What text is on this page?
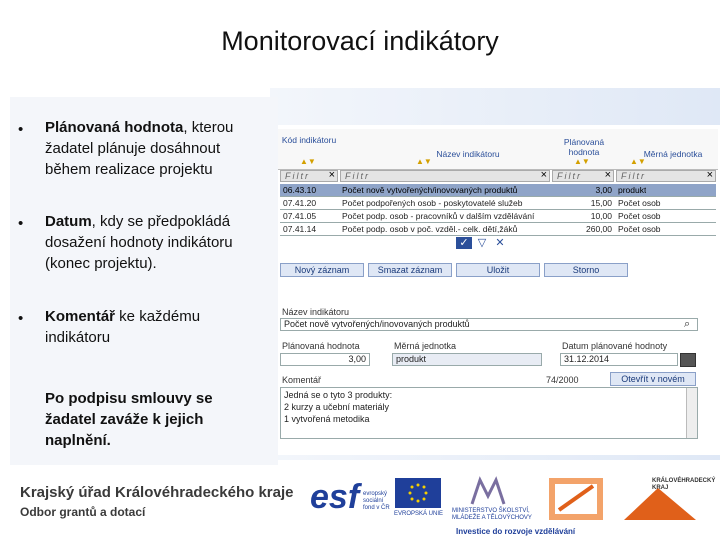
Monitorovací indikátory
• Plánovaná hodnota, kterou žadatel plánuje dosáhnout během realizace projektu
• Datum, kdy se předpokládá dosažení hodnoty indikátoru (konec projektu).
• Komentář ke každému indikátoru
Po podpisu smlouvy se žadatel zaváže k jejich naplnění.
Kód indikátoru
▲▼
Název indikátoru
▲▼
Plánovaná hodnota
▲▼
Měrná jednotka
▲▼
Filtr × Filtr	× Filtr × Filtr	×
06.43.10	Počet nově vytvořených/inovovaných produktů	3,00 produkt
07.41.20	Počet podpořených osob - poskytovatelé služeb	15,00 Počet osob
07.41.05	Počet podp. osob - pracovníků v dalším vzdělávání	10,00 Počet osob
07.41.14	Počet podp. osob v poč. vzděl.- celk. dětí,žáků	260,00 Počet osob
✓ ▽ ✕
Nový záznam	Smazat záznam	Uložit	Storno
Název indikátoru
Počet nově vytvořených/inovovaných produktů	⌕
Plánovaná hodnota
3,00
Měrná jednotka
produkt
Datum plánované hodnoty
31.12.2014
Komentář	74/2000	Otevřít v novém
Jedná se o tyto 3 produkty:
2 kurzy a učební materiály
1 vytvořená metodika
Krajský úřad Královéhradeckého kraje
Odbor grantů a dotací	esf evropský
sociální
fond v ČR
EVROPSKÁ UNIE MINISTERSTVO ŠKOLSTVÍ,
MLÁDEŽE A TĚLOVÝCHOVY
KRÁLOVÉHRADECKÝ
KRAJ
Investice do rozvoje vzdělávání
